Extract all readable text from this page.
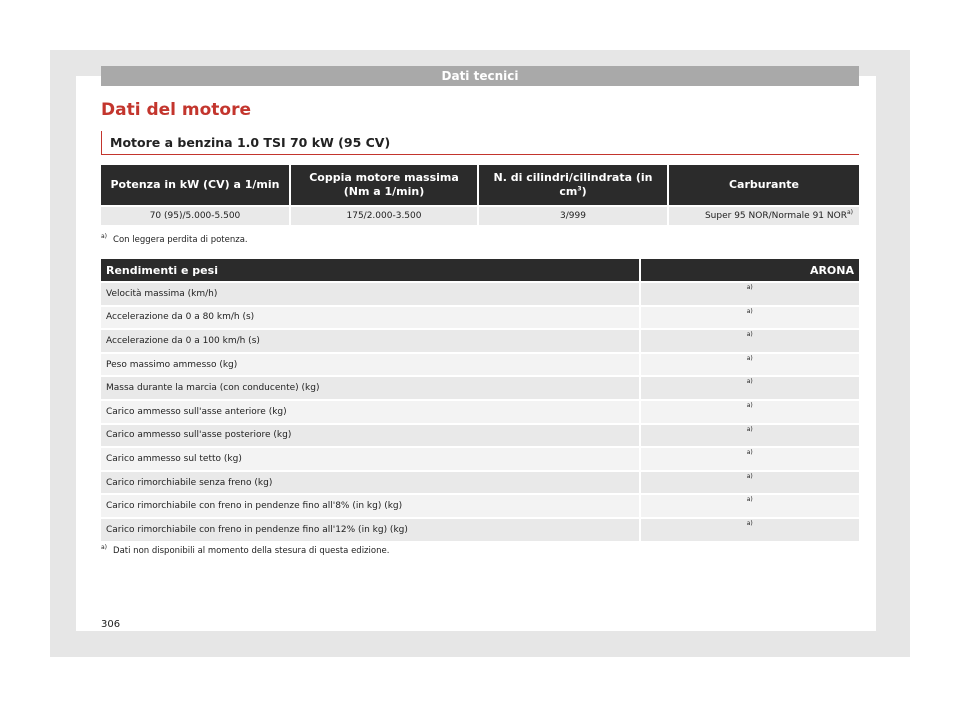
Dati tecnici
Dati del motore
Motore a benzina 1.0 TSI 70 kW (95 CV)
Potenza in kW (CV) a 1/min	Coppia motore massima (Nm a 1/min)	N. di cilindri/cilindrata (in $cm^3$)	Carburante
70 (95)/5.000-5.500	175/2.000-3.500	3/999	Super 95 NOR/Normale 91 NOR$^{a)}$
$^{a)}$ Con leggera perdita di potenza.
Rendimenti e pesi	ARONA
Velocità massima (km/h)	$^{a)}$
Accelerazione da 0 a 80 km/h (s)	$^{a)}$
Accelerazione da 0 a 100 km/h (s)	$^{a)}$
Peso massimo ammesso (kg)	$^{a)}$
Massa durante la marcia (con conducente) (kg)	$^{a)}$
Carico ammesso sull'asse anteriore (kg)	$^{a)}$
Carico ammesso sull'asse posteriore (kg)	$^{a)}$
Carico ammesso sul tetto (kg)	$^{a)}$
Carico rimorchiabile senza freno (kg)	$^{a)}$
Carico rimorchiabile con freno in pendenze fino all'8% (in kg) (kg)	$^{a)}$
Carico rimorchiabile con freno in pendenze fino all'12% (in kg) (kg)	$^{a)}$
$^{a)}$ Dati non disponibili al momento della stesura di questa edizione.
306
